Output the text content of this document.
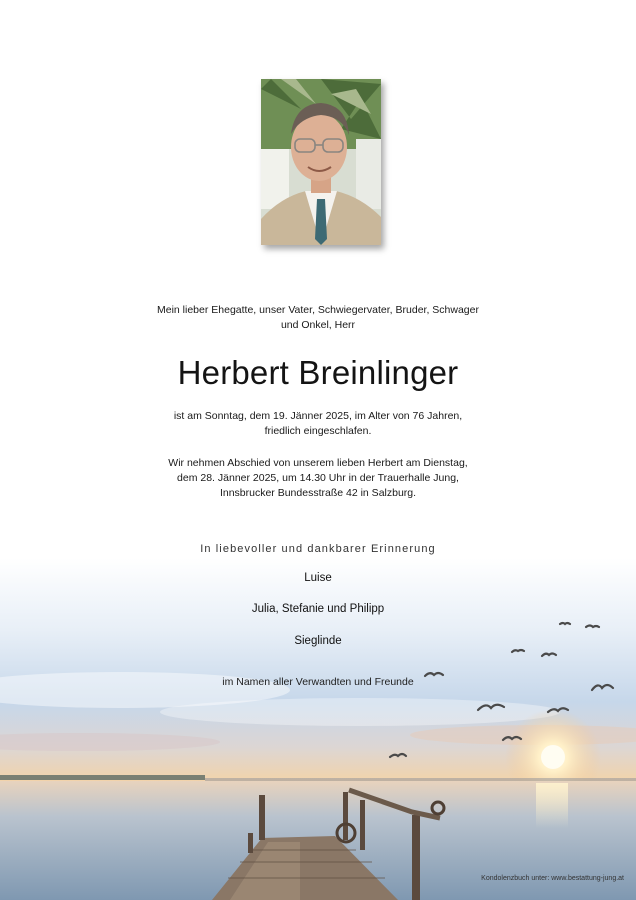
Mein lieber Ehegatte, unser Vater, Schwiegervater, Bruder, Schwager
und Onkel, Herr
Herbert Breinlinger
ist am Sonntag, dem 19. Jänner 2025, im Alter von 76 Jahren,
friedlich eingeschlafen.
Wir nehmen Abschied von unserem lieben Herbert am Dienstag,
dem 28. Jänner 2025, um 14.30 Uhr in der Trauerhalle Jung,
Innsbrucker Bundesstraße 42 in Salzburg.
In liebevoller und dankbarer Erinnerung
Luise
Julia, Stefanie und Philipp
Sieglinde
im Namen aller Verwandten und Freunde
Kondolenzbuch unter: www.bestattung-jung.at
